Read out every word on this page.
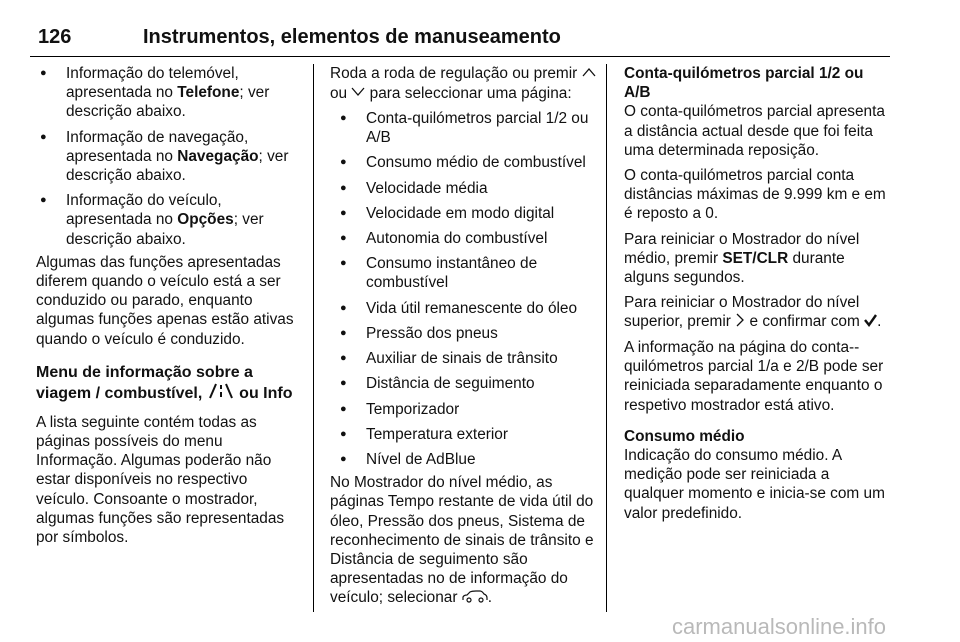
126	Instrumentos, elementos de manuseamento
● Informação do telemóvel, apresentada no Telefone; ver descrição abaixo.
● Informação de navegação, apresentada no Navegação; ver descrição abaixo.
● Informação do veículo, apresentada no Opções; ver descrição abaixo.

Algumas das funções apresentadas diferem quando o veículo está a ser conduzido ou parado, enquanto algumas funções apenas estão ativas quando o veículo é conduzido.

Menu de informação sobre a viagem / combustível,  ou Info

A lista seguinte contém todas as páginas possíveis do menu Informação. Algumas poderão não estar disponíveis no respectivo veículo. Consoante o mostrador, algumas funções são representadas por símbolos.

Roda a roda de regulação ou premir  ou  para seleccionar uma página:

● Conta-quilómetros parcial 1/2 ou A/B
● Consumo médio de combustível
● Velocidade média
● Velocidade em modo digital
● Autonomia do combustível
● Consumo instantâneo de combustível
● Vida útil remanescente do óleo
● Pressão dos pneus
● Auxiliar de sinais de trânsito
● Distância de seguimento
● Temporizador
● Temperatura exterior
● Nível de AdBlue

No Mostrador do nível médio, as páginas Tempo restante de vida útil do óleo, Pressão dos pneus, Sistema de reconhecimento de sinais de trânsito e Distância de seguimento são apresentadas no de informação do veículo; selecionar .

Conta-quilómetros parcial 1/2 ou A/B

O conta-quilómetros parcial apresenta a distância actual desde que foi feita uma determinada reposição.

O conta-quilómetros parcial conta distâncias máximas de 9.999 km e em é reposto a 0.

Para reiniciar o Mostrador do nível médio, premir SET/CLR durante alguns segundos.

Para reiniciar o Mostrador do nível superior, premir  e confirmar com .

A informação na página do conta--quilómetros parcial 1/a e 2/B pode ser reiniciada separadamente enquanto o respetivo mostrador está ativo.

Consumo médio

Indicação do consumo médio. A medição pode ser reiniciada a qualquer momento e inicia-se com um valor predefinido.

carmanualsonline.info
